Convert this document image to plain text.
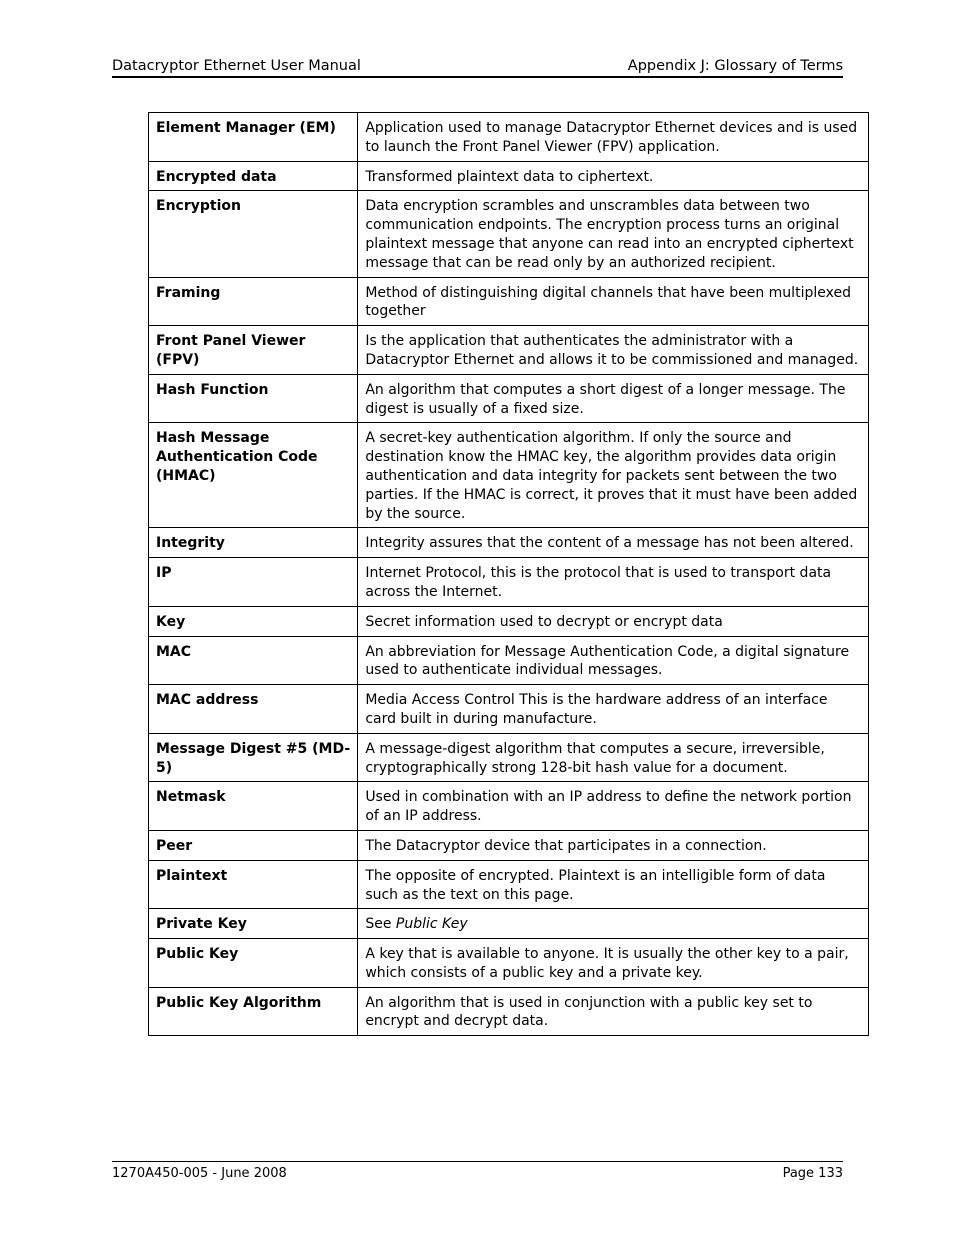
Datacryptor Ethernet User Manual	Appendix J: Glossary of Terms
Element Manager (EM)	Application used to manage Datacryptor Ethernet devices and is used to launch the Front Panel Viewer (FPV) application.
Encrypted data	Transformed plaintext data to ciphertext.
Encryption	Data encryption scrambles and unscrambles data between two communication endpoints. The encryption process turns an original plaintext message that anyone can read into an encrypted ciphertext message that can be read only by an authorized recipient.
Framing	Method of distinguishing digital channels that have been multiplexed together
Front Panel Viewer (FPV)	Is the application that authenticates the administrator with a Datacryptor Ethernet and allows it to be commissioned and managed.
Hash Function	An algorithm that computes a short digest of a longer message. The digest is usually of a fixed size.
Hash Message Authentication Code (HMAC)	A secret-key authentication algorithm. If only the source and destination know the HMAC key, the algorithm provides data origin authentication and data integrity for packets sent between the two parties. If the HMAC is correct, it proves that it must have been added by the source.
Integrity	Integrity assures that the content of a message has not been altered.
IP	Internet Protocol, this is the protocol that is used to transport data across the Internet.
Key	Secret information used to decrypt or encrypt data
MAC	An abbreviation for Message Authentication Code, a digital signature used to authenticate individual messages.
MAC address	Media Access Control This is the hardware address of an interface card built in during manufacture.
Message Digest #5 (MD-5)	A message-digest algorithm that computes a secure, irreversible, cryptographically strong 128-bit hash value for a document.
Netmask	Used in combination with an IP address to define the network portion of an IP address.
Peer	The Datacryptor device that participates in a connection.
Plaintext	The opposite of encrypted. Plaintext is an intelligible form of data such as the text on this page.
Private Key	See Public Key
Public Key	A key that is available to anyone. It is usually the other key to a pair, which consists of a public key and a private key.
Public Key Algorithm	An algorithm that is used in conjunction with a public key set to encrypt and decrypt data.
1270A450-005 - June 2008	Page 133
